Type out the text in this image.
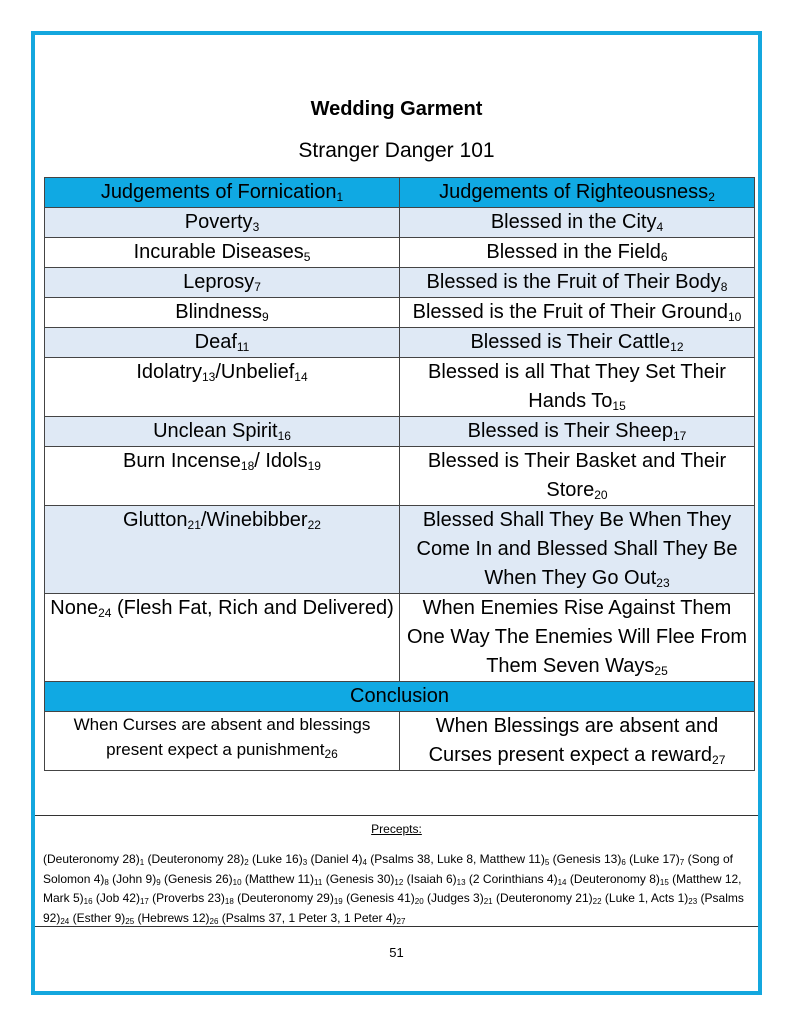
Wedding Garment
Stranger Danger 101
Judgements of Fornication$_1$	Judgements of Righteousness$_2$
Poverty$_3$	Blessed in the City$_4$
Incurable Diseases$_5$	Blessed in the Field$_6$
Leprosy$_7$	Blessed is the Fruit of Their Body$_8$
Blindness$_9$	Blessed is the Fruit of Their Ground$_{10}$
Deaf$_{11}$	Blessed is Their Cattle$_{12}$
Idolatry$_{13}$/Unbelief$_{14}$	Blessed is all That They Set Their Hands $To_{15}$
Unclean Spirit$_{16}$	Blessed is Their Sheep$_{17}$
Burn Incense$_{18}$/ Idols$_{19}$	Blessed is Their Basket and Their Store$_{20}$
Glutton$_{21}$/Winebibber$_{22}$	Blessed Shall They Be When They Come In and Blessed Shall They Be When They Go Out$_{23}$
None$_{24}$ (Flesh Fat, Rich and Delivered)	When Enemies Rise Against Them One Way The Enemies Will Flee From Them Seven Ways$_{25}$
Conclusion	
When Curses are absent and blessings present expect a punishment$_{26}$	When Blessings are absent and Curses present expect a reward$_{27}$
Precepts:
(Deuteronomy $28)_1$ (Deuteronomy $28)_2$ (Luke $16)_3$ (Daniel $4)_4$ (Psalms 38, Luke 8, Matthew $11)_5$ (Genesis $13)_6$ (Luke $17)_7$ (Song of Solomon $4)_8$ (John $9)_9$ (Genesis $26)_{10}$ (Matthew $11)_{11}$ (Genesis $30)_{12}$ (Isaiah $6)_{13}$ (2 Corinthians $4)_{14}$ (Deuteronomy $8)_{15}$ (Matthew 12, Mark $5)_{16}$ (Job $42)_{17}$ (Proverbs $23)_{18}$ (Deuteronomy $29)_{19}$ (Genesis $41)_{20}$ (Judges $3)_{21}$ (Deuteronomy $21)_{22}$ (Luke 1, Acts $1)_{23}$ (Psalms $92)_{24}$ (Esther $9)_{25}$ (Hebrews $12)_{26}$ (Psalms 37, 1 Peter 3, 1 Peter $4)_{27}$
51
